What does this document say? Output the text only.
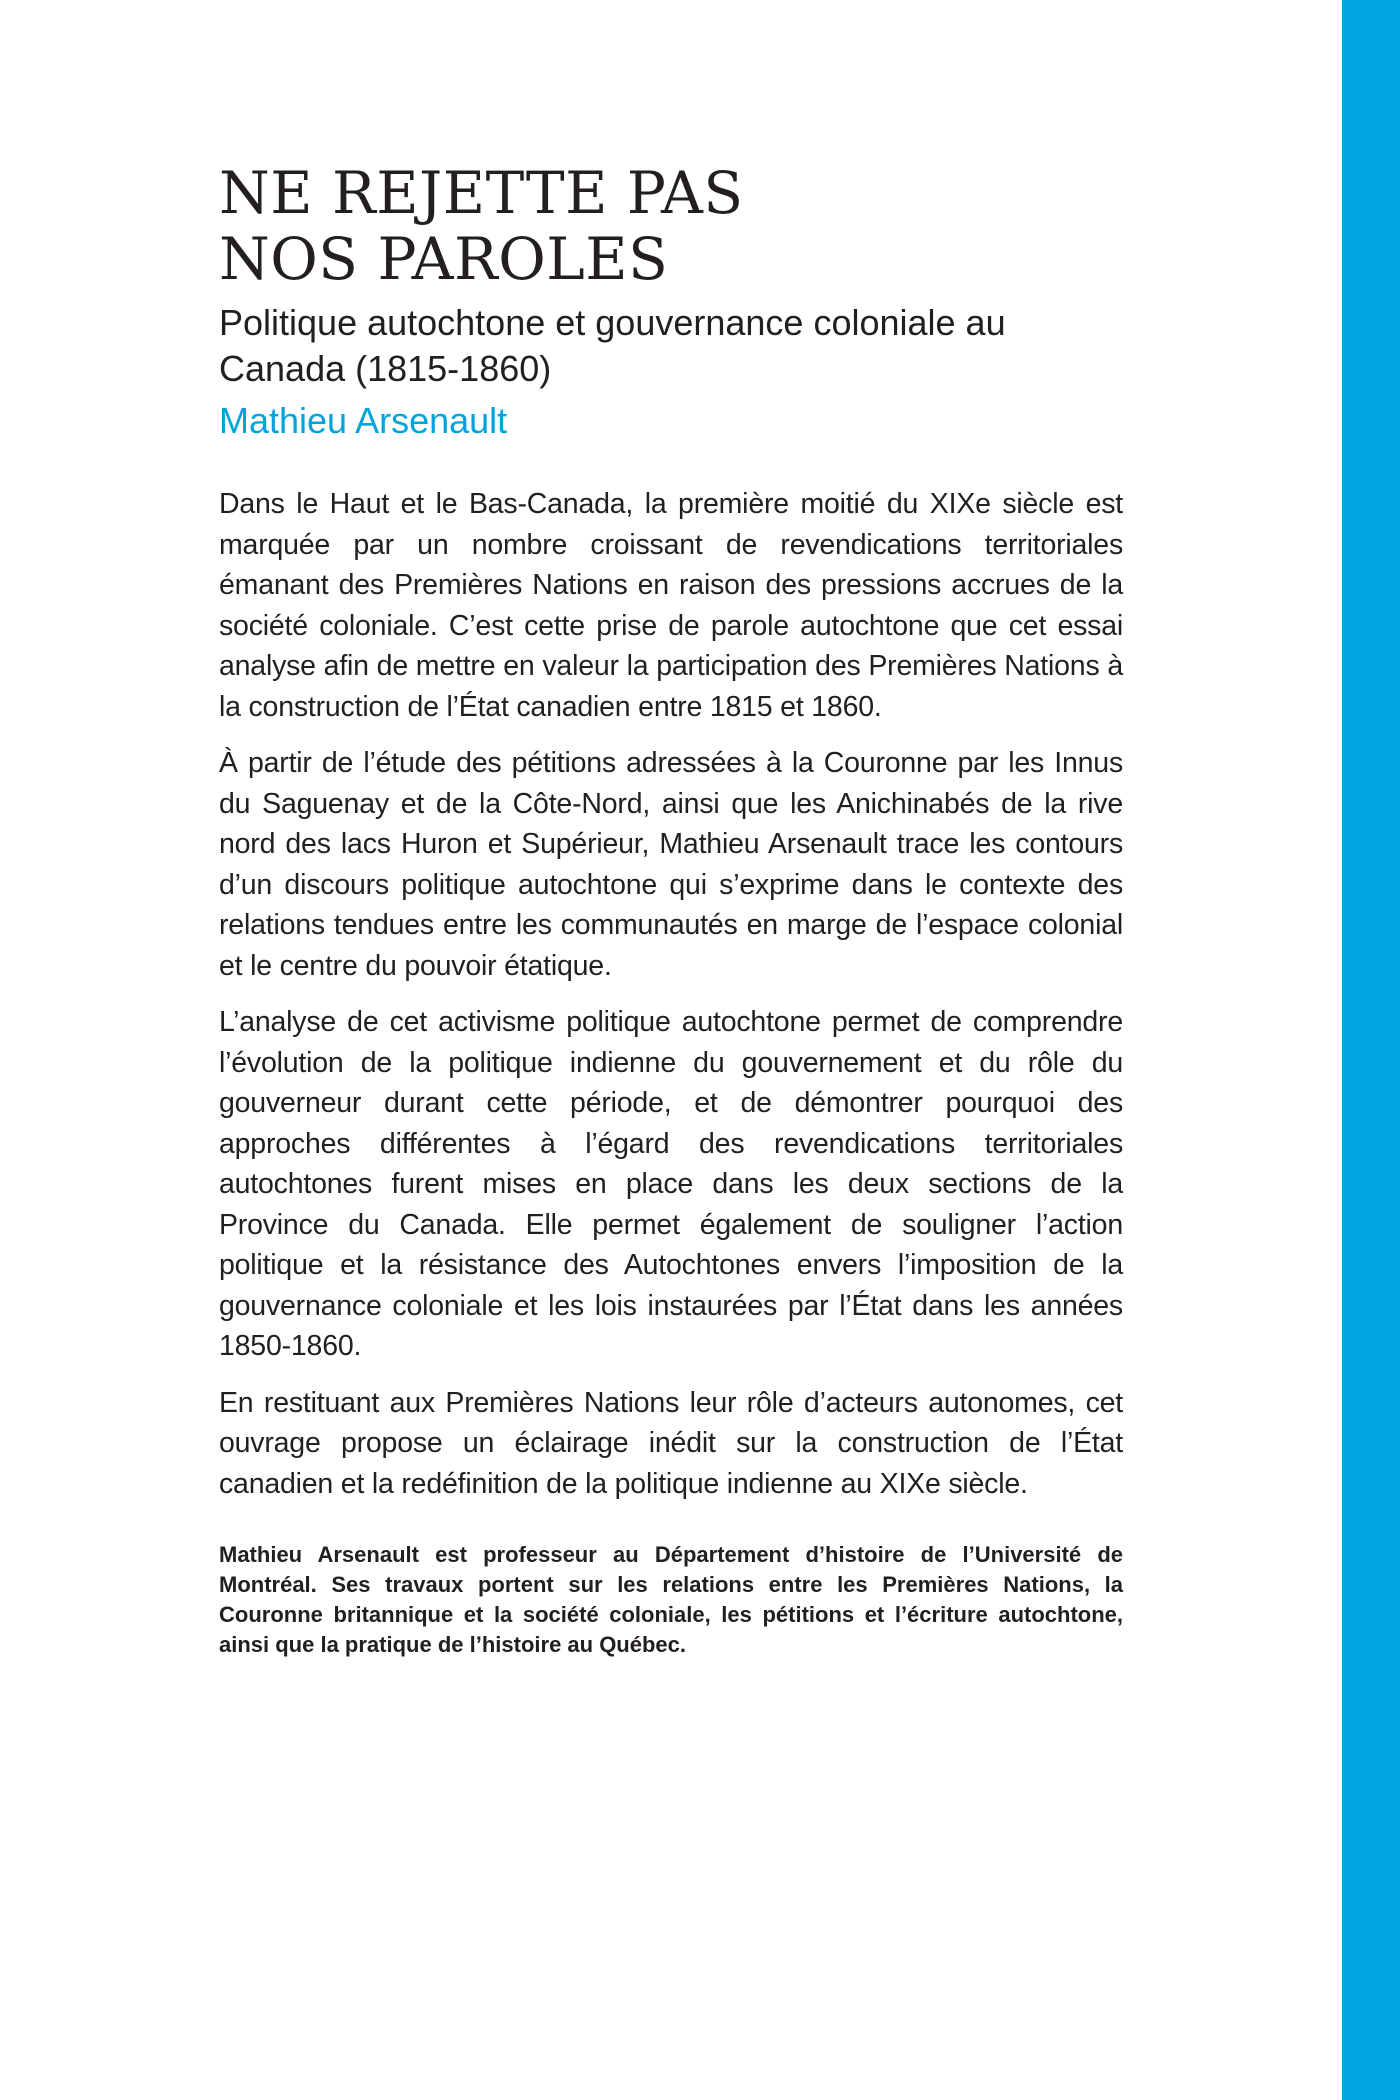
NE REJETTE PAS
NOS PAROLES
Politique autochtone et gouvernance coloniale au Canada (1815-1860)
Mathieu Arsenault

Dans le Haut et le Bas-Canada, la première moitié du XIXe siècle est marquée par un nombre croissant de revendications territoriales émanant des Premières Nations en raison des pressions accrues de la société coloniale. C’est cette prise de parole autochtone que cet essai analyse afin de mettre en valeur la participation des Premières Nations à la construction de l’État canadien entre 1815 et 1860.

À partir de l’étude des pétitions adressées à la Couronne par les Innus du Saguenay et de la Côte-Nord, ainsi que les Anichinabés de la rive nord des lacs Huron et Supérieur, Mathieu Arsenault trace les contours d’un discours politique autochtone qui s’exprime dans le contexte des relations tendues entre les communautés en marge de l’espace colonial et le centre du pouvoir étatique.

L’analyse de cet activisme politique autochtone permet de comprendre l’évolution de la politique indienne du gouvernement et du rôle du gouverneur durant cette période, et de démontrer pourquoi des approches différentes à l’égard des revendications territoriales autochtones furent mises en place dans les deux sections de la Province du Canada. Elle permet également de souligner l’action politique et la résistance des Autochtones envers l’imposition de la gouvernance coloniale et les lois instaurées par l’État dans les années 1850-1860.

En restituant aux Premières Nations leur rôle d’acteurs autonomes, cet ouvrage propose un éclairage inédit sur la construction de l’État canadien et la redéfinition de la politique indienne au XIXe siècle.

Mathieu Arsenault est professeur au Département d’histoire de l’Université de Montréal. Ses travaux portent sur les relations entre les Premières Nations, la Couronne britannique et la société coloniale, les pétitions et l’écriture autochtone, ainsi que la pratique de l’histoire au Québec.
